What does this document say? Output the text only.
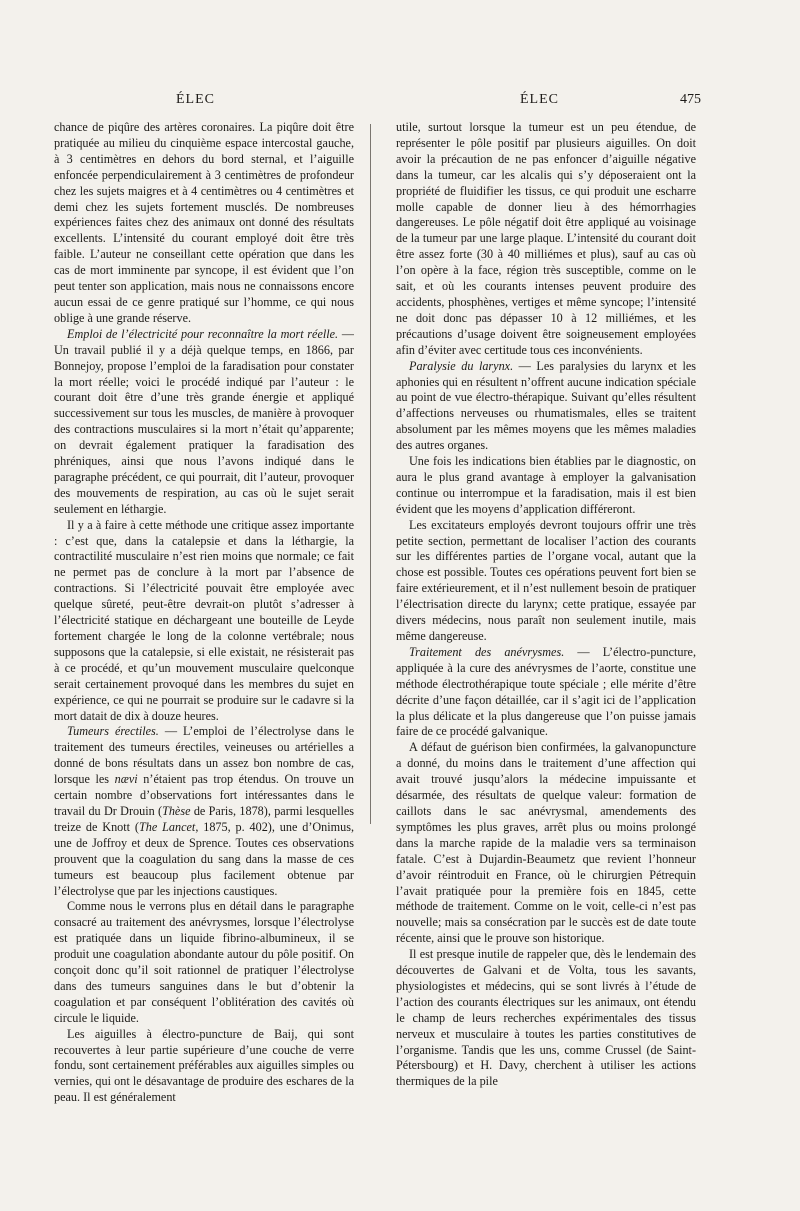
ÉLEC	ÉLEC	475

chance de piqûre des artères coronaires. La piqûre doit être pratiquée au milieu du cinquième espace intercostal gauche, à 3 centimètres en dehors du bord sternal, et l’aiguille enfoncée perpendiculairement à 3 centimètres de profondeur chez les sujets maigres et à 4 centimètres ou 4 centimètres et demi chez les sujets fortement musclés. De nombreuses expériences faites chez des animaux ont donné des résultats excellents. L’intensité du courant employé doit être très faible. L’auteur ne conseillant cette opération que dans les cas de mort imminente par syncope, il est évident que l’on peut tenter son application, mais nous ne connaissons encore aucun essai de ce genre pratiqué sur l’homme, ce qui nous oblige à une grande réserve.

Emploi de l’électricité pour reconnaître la mort réelle. — Un travail publié il y a déjà quelque temps, en 1866, par Bonnejoy, propose l’emploi de la faradisation pour constater la mort réelle; voici le procédé indiqué par l’auteur : le courant doit être d’une très grande énergie et appliqué successivement sur tous les muscles, de manière à provoquer des contractions musculaires si la mort n’était qu’apparente; on devrait également pratiquer la faradisation des phréniques, ainsi que nous l’avons indiqué dans le paragraphe précédent, ce qui pourrait, dit l’auteur, provoquer des mouvements de respiration, au cas où le sujet serait seulement en léthargie.

Il y a à faire à cette méthode une critique assez importante : c’est que, dans la catalepsie et dans la léthargie, la contractilité musculaire n’est rien moins que normale; ce fait ne permet pas de conclure à la mort par l’absence de contractions. Si l’électricité pouvait être employée avec quelque sûreté, peut-être devrait-on plutôt s’adresser à l’électricité statique en déchargeant une bouteille de Leyde fortement chargée le long de la colonne vertébrale; nous supposons que la catalepsie, si elle existait, ne résisterait pas à ce procédé, et qu’un mouvement musculaire quelconque serait certainement provoqué dans les membres du sujet en expérience, ce qui ne pourrait se produire sur le cadavre si la mort datait de dix à douze heures.

Tumeurs érectiles. — L’emploi de l’électrolyse dans le traitement des tumeurs érectiles, veineuses ou artérielles a donné de bons résultats dans un assez bon nombre de cas, lorsque les nævi n’étaient pas trop étendus. On trouve un certain nombre d’observations fort intéressantes dans le travail du Dr Drouin (Thèse de Paris, 1878), parmi lesquelles treize de Knott (The Lancet, 1875, p. 402), une d’Onimus, une de Joffroy et deux de Sprence. Toutes ces observations prouvent que la coagulation du sang dans la masse de ces tumeurs est beaucoup plus facilement obtenue par l’électrolyse que par les injections caustiques.

Comme nous le verrons plus en détail dans le paragraphe consacré au traitement des anévrysmes, lorsque l’électrolyse est pratiquée dans un liquide fibrino-albumineux, il se produit une coagulation abondante autour du pôle positif. On conçoit donc qu’il soit rationnel de pratiquer l’électrolyse dans des tumeurs sanguines dans le but d’obtenir la coagulation et par conséquent l’oblitération des cavités où circule le liquide.

Les aiguilles à électro-puncture de Baij, qui sont recouvertes à leur partie supérieure d’une couche de verre fondu, sont certainement préférables aux aiguilles simples ou vernies, qui ont le désavantage de produire des eschares de la peau. Il est généralement

utile, surtout lorsque la tumeur est un peu étendue, de représenter le pôle positif par plusieurs aiguilles. On doit avoir la précaution de ne pas enfoncer d’aiguille négative dans la tumeur, car les alcalis qui s’y déposeraient ont la propriété de fluidifier les tissus, ce qui produit une escharre molle capable de donner lieu à des hémorrhagies dangereuses. Le pôle négatif doit être appliqué au voisinage de la tumeur par une large plaque. L’intensité du courant doit être assez forte (30 à 40 milliémes et plus), sauf au cas où l’on opère à la face, région très susceptible, comme on le sait, et où les courants intenses peuvent produire des accidents, phosphènes, vertiges et même syncope; l’intensité ne doit donc pas dépasser 10 à 12 milliémes, et les précautions d’usage doivent être soigneusement employées afin d’éviter avec certitude tous ces inconvénients.

Paralysie du larynx. — Les paralysies du larynx et les aphonies qui en résultent n’offrent aucune indication spéciale au point de vue électro-thérapique. Suivant qu’elles résultent d’affections nerveuses ou rhumatismales, elles se traitent absolument par les mêmes moyens que les mêmes maladies des autres organes.

Une fois les indications bien établies par le diagnostic, on aura le plus grand avantage à employer la galvanisation continue ou interrompue et la faradisation, mais il est bien évident que les moyens d’application différeront.

Les excitateurs employés devront toujours offrir une très petite section, permettant de localiser l’action des courants sur les différentes parties de l’organe vocal, autant que la chose est possible. Toutes ces opérations peuvent fort bien se faire extérieurement, et il n’est nullement besoin de pratiquer l’électrisation directe du larynx; cette pratique, essayée par divers médecins, nous paraît non seulement inutile, mais même dangereuse.

Traitement des anévrysmes. — L’électro-puncture, appliquée à la cure des anévrysmes de l’aorte, constitue une méthode électrothérapique toute spéciale ; elle mérite d’être décrite d’une façon détaillée, car il s’agit ici de l’application la plus délicate et la plus dangereuse que l’on puisse jamais faire de ce procédé galvanique.

A défaut de guérison bien confirmées, la galvanopuncture a donné, du moins dans le traitement d’une affection qui avait trouvé jusqu’alors la médecine impuissante et désarmée, des résultats de quelque valeur: formation de caillots dans le sac anévrysmal, amendements des symptômes les plus graves, arrêt plus ou moins prolongé dans la marche rapide de la maladie vers sa terminaison fatale. C’est à Dujardin-Beaumetz que revient l’honneur d’avoir réintroduit en France, où le chirurgien Pétrequin l’avait pratiquée pour la première fois en 1845, cette méthode de traitement. Comme on le voit, celle-ci n’est pas nouvelle; mais sa consécration par le succès est de date toute récente, ainsi que le prouve son historique.

Il est presque inutile de rappeler que, dès le lendemain des découvertes de Galvani et de Volta, tous les savants, physiologistes et médecins, qui se sont livrés à l’étude de l’action des courants électriques sur les animaux, ont étendu le champ de leurs recherches expérimentales des tissus nerveux et musculaire à toutes les parties constitutives de l’organisme. Tandis que les uns, comme Crussel (de Saint-Pétersbourg) et H. Davy, cherchent à utiliser les actions thermiques de la pile
